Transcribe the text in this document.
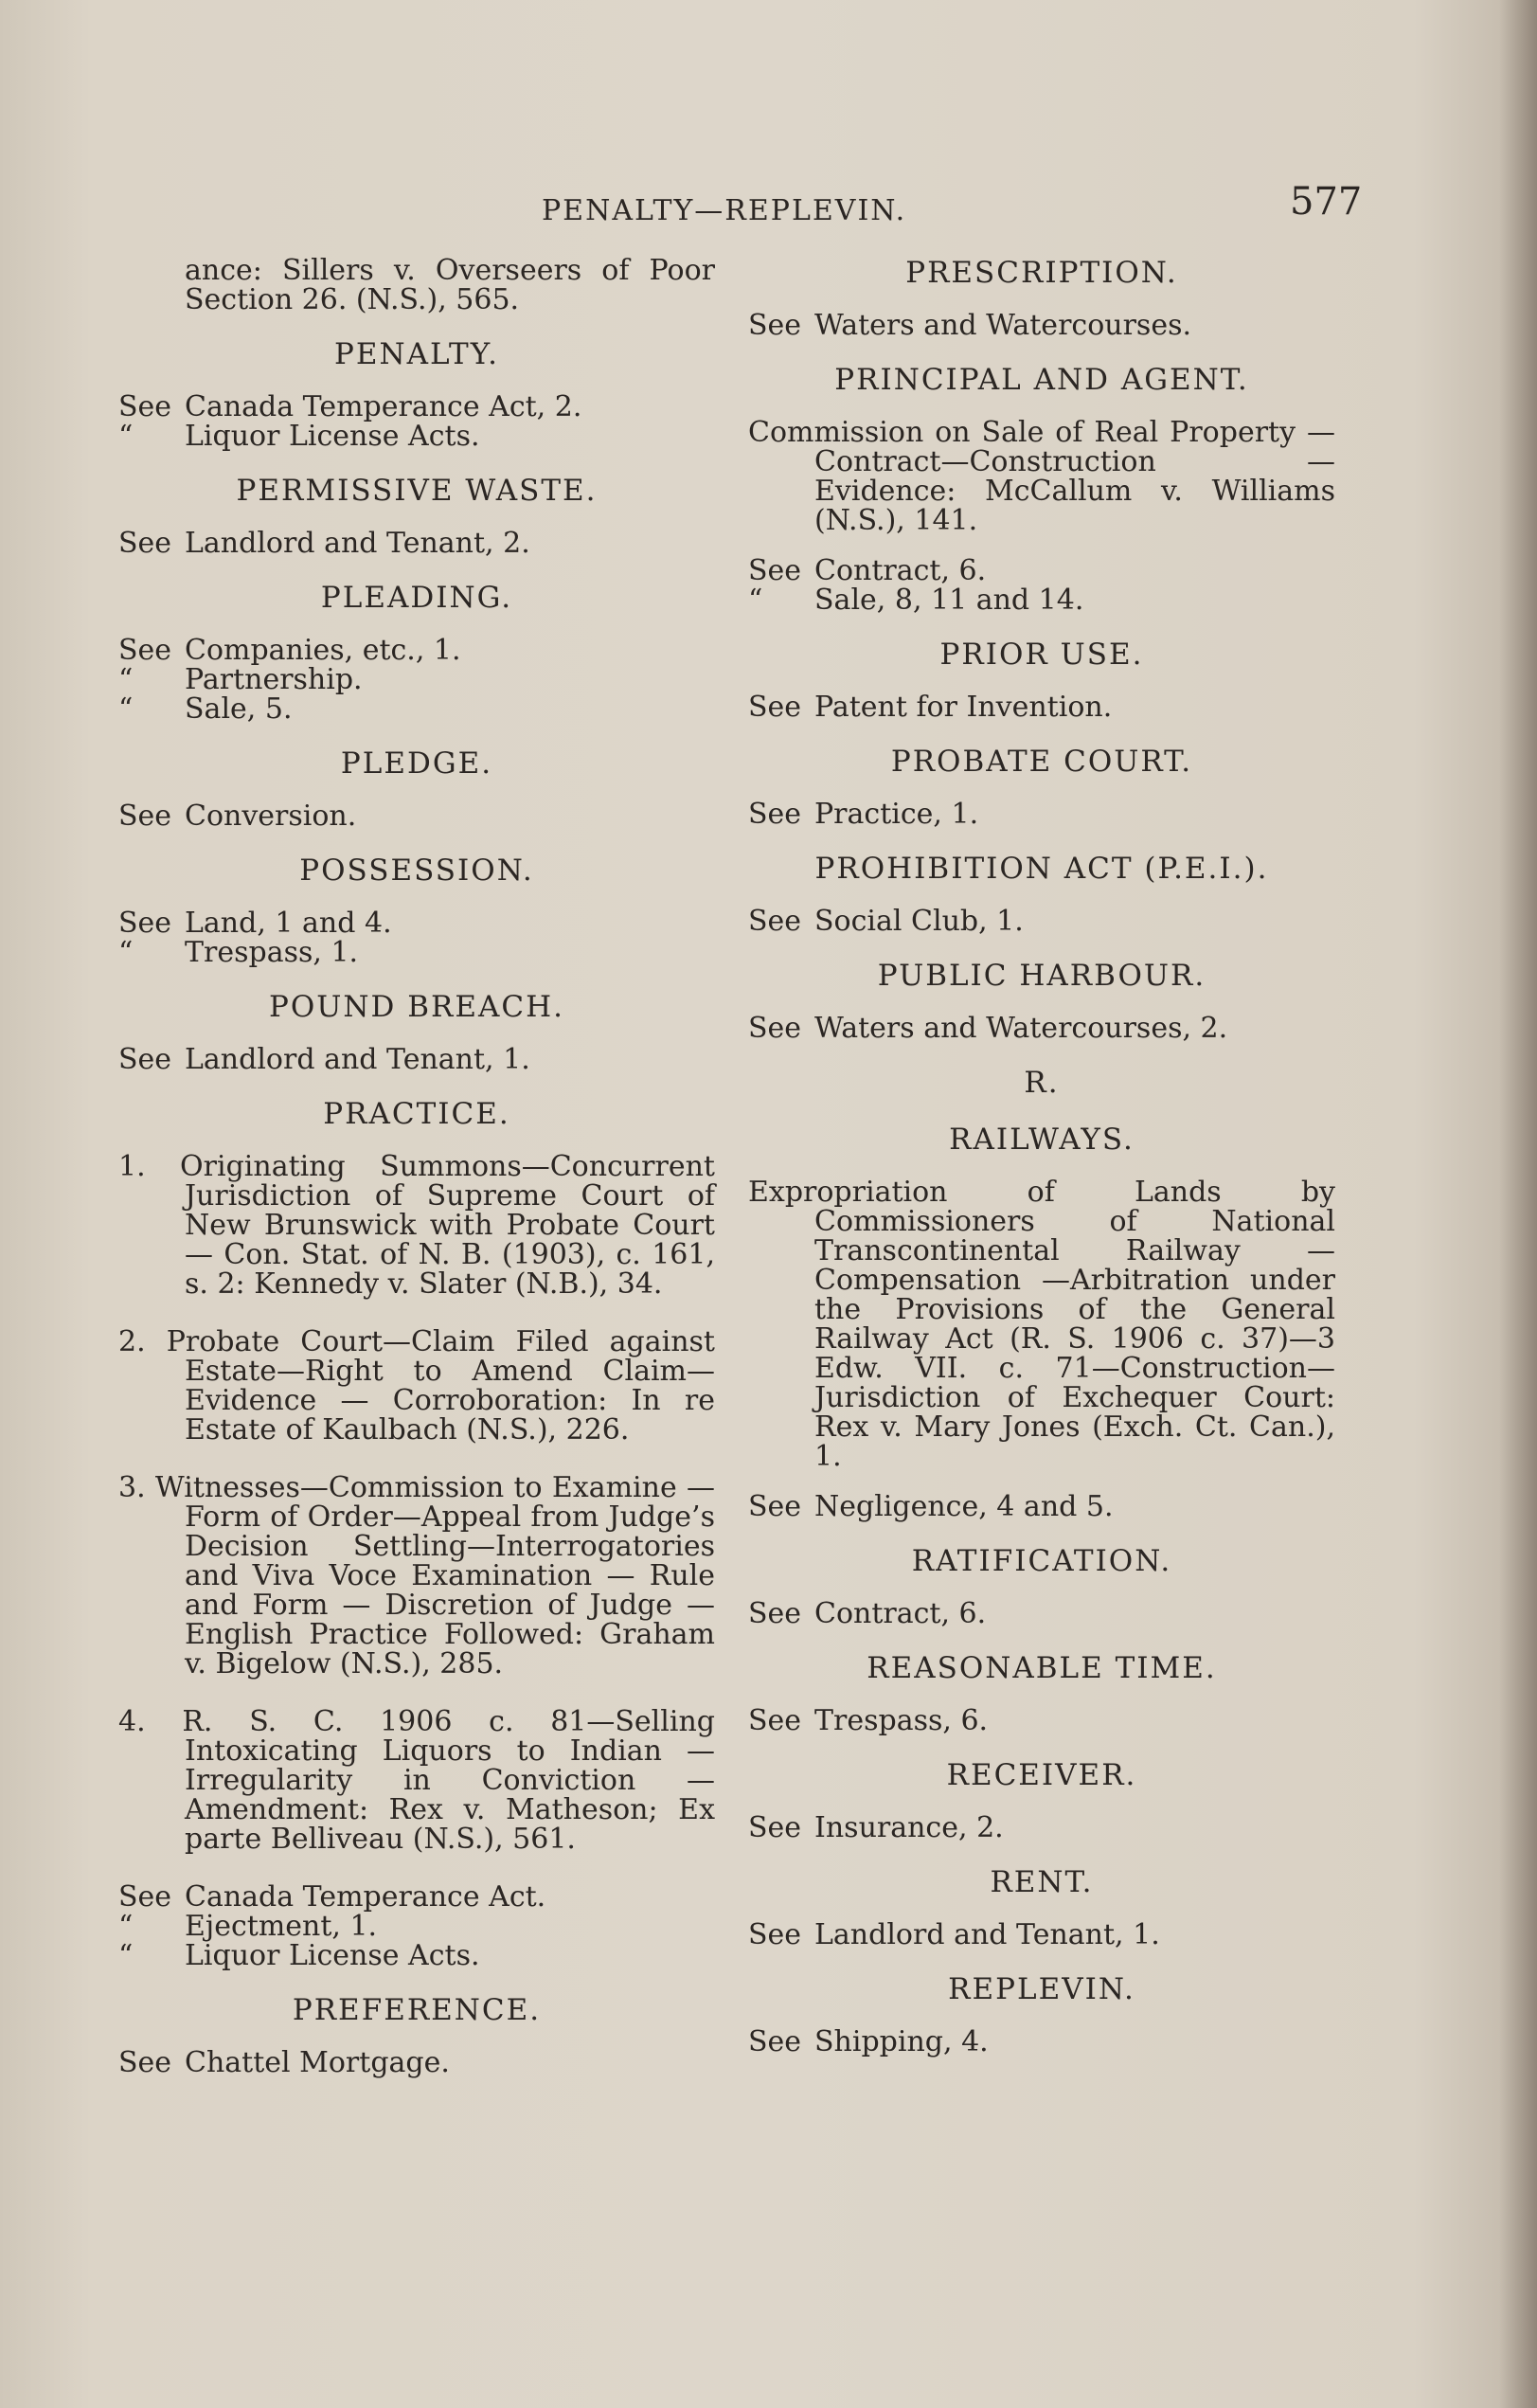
PENALTY—REPLEVIN.	577
ance: Sillers v. Overseers of Poor Section 26. (N.S.), 565.
PENALTY.
See Canada Temperance Act, 2.
“	Liquor License Acts.
PERMISSIVE WASTE.
See Landlord and Tenant, 2.
PLEADING.
See Companies, etc., 1.
“	Partnership.
“	Sale, 5.
PLEDGE.
See Conversion.
POSSESSION.
See Land, 1 and 4.
“	Trespass, 1.
POUND BREACH.
See Landlord and Tenant, 1.
PRACTICE.
1. Originating Summons—Concurrent Jurisdiction of Supreme Court of New Brunswick with Probate Court — Con. Stat. of N. B. (1903), c. 161, s. 2: Kennedy v. Slater (N.B.), 34.
2. Probate Court—Claim Filed against Estate—Right to Amend Claim—Evidence — Corroboration: In re Estate of Kaulbach (N.S.), 226.
3. Witnesses—Commission to Examine —Form of Order—Appeal from Judge’s Decision Settling—Interrogatories and Viva Voce Examination — Rule and Form — Discretion of Judge — English Practice Followed: Graham v. Bigelow (N.S.), 285.
4. R. S. C. 1906 c. 81—Selling Intoxicating Liquors to Indian — Irregularity in Conviction — Amendment: Rex v. Matheson; Ex parte Belliveau (N.S.), 561.
See Canada Temperance Act.
“	Ejectment, 1.
“	Liquor License Acts.
PREFERENCE.
See Chattel Mortgage.
PRESCRIPTION.
See Waters and Watercourses.
PRINCIPAL AND AGENT.
Commission on Sale of Real Property —Contract—Construction — Evidence: McCallum v. Williams (N.S.), 141.
See Contract, 6.
“	Sale, 8, 11 and 14.
PRIOR USE.
See Patent for Invention.
PROBATE COURT.
See Practice, 1.
PROHIBITION ACT (P.E.I.).
See Social Club, 1.
PUBLIC HARBOUR.
See Waters and Watercourses, 2.
R.
RAILWAYS.
Expropriation of Lands by Commissioners of National Transcontinental Railway — Compensation —Arbitration under the Provisions of the General Railway Act (R. S. 1906 c. 37)—3 Edw. VII. c. 71—Construction—Jurisdiction of Exchequer Court: Rex v. Mary Jones (Exch. Ct. Can.), 1.
See Negligence, 4 and 5.
RATIFICATION.
See Contract, 6.
REASONABLE TIME.
See Trespass, 6.
RECEIVER.
See Insurance, 2.
RENT.
See Landlord and Tenant, 1.
REPLEVIN.
See Shipping, 4.
